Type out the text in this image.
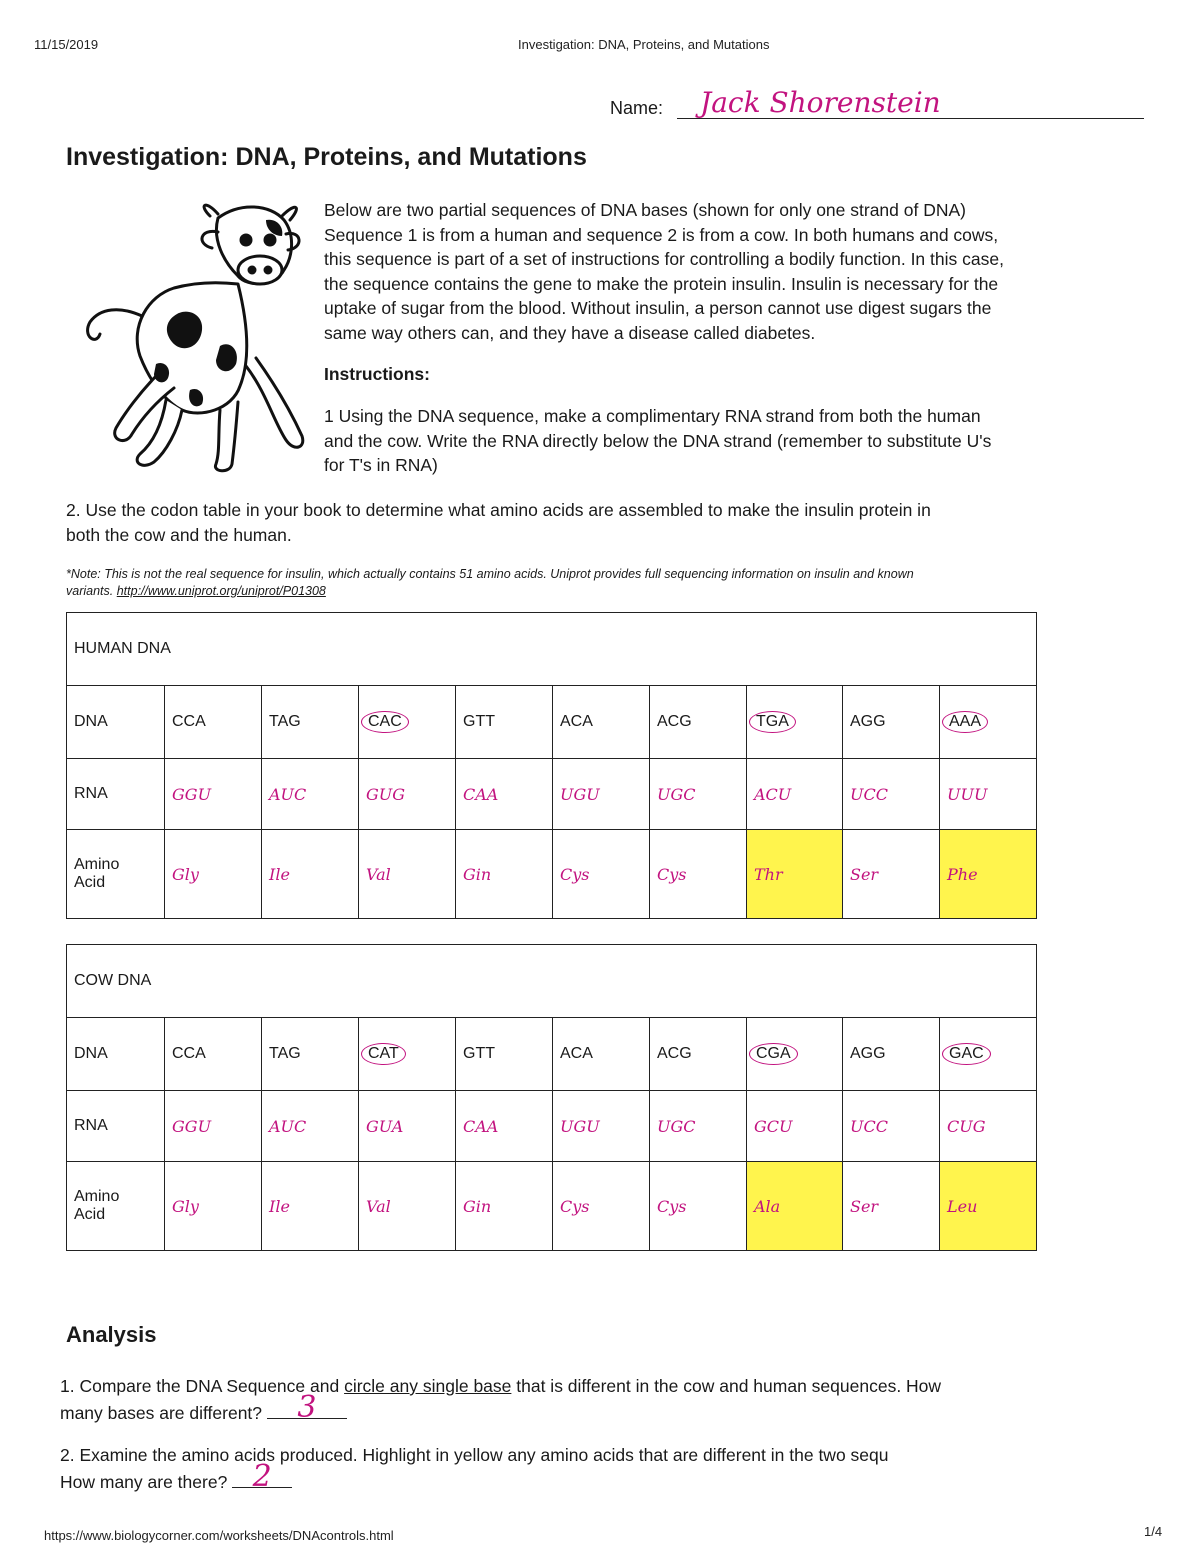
11/15/2019	Investigation: DNA, Proteins, and Mutations
Name: Jack Shorenstein
Investigation: DNA, Proteins, and Mutations
Below are two partial sequences of DNA bases (shown for only one strand of DNA)
Sequence 1 is from a human and sequence 2 is from a cow. In both humans and cows,
this sequence is part of a set of instructions for controlling a bodily function. In this case,
the sequence contains the gene to make the protein insulin. Insulin is necessary for the
uptake of sugar from the blood. Without insulin, a person cannot use digest sugars the
same way others can, and they have a disease called diabetes.
Instructions:
1 Using the DNA sequence, make a complimentary RNA strand from both the human
and the cow. Write the RNA directly below the DNA strand (remember to substitute U's
for T's in RNA)
2. Use the codon table in your book to determine what amino acids are assembled to make the insulin protein in
both the cow and the human.
*Note: This is not the real sequence for insulin, which actually contains 51 amino acids. Uniprot provides full sequencing information on insulin and known
variants. http://www.uniprot.org/uniprot/P01308
HUMAN DNA									
DNA	CCA	TAG	CAC	GTT	ACA	ACG	TGA	AGG	AAA
RNA	GGU	AUC	GUG	CAA	UGU	UGC	ACU	UCC	UUU

Amino
Acid	Gly	Ile	Val	Gin	Cys	Cys	Thr	Ser	Phe
COW DNA									
DNA	CCA	TAG	CAT	GTT	ACA	ACG	CGA	AGG	GAC
RNA	GGU	AUC	GUA	CAA	UGU	UGC	GCU	UCC	CUG

Amino
Acid	Gly	Ile	Val	Gin	Cys	Cys	Ala	Ser	Leu
Analysis
1. Compare the DNA Sequence and circle any single base that is different in the cow and human sequences. How
many bases are different?	3
2. Examine the amino acids produced. Highlight in yellow any amino acids that are different in the two sequ
How many are there? 2
https://www.biologycorner.com/worksheets/DNAcontrols.html	1/4
